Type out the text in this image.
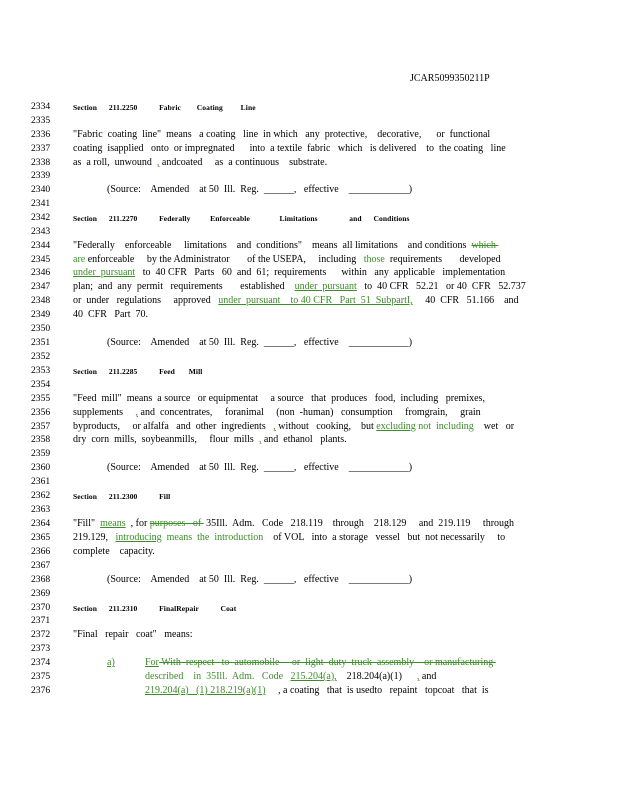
JCAR5099350211P
2334
2335
2336
2337
2338
2339
2340
2341
2342
2343
2344
2345
2346
2347
2348
2349
2350
2351
2352
2353
2354
2355
2356
2357
2358
2359
2360
2361
2362
2363
2364
2365
2366
2367
2368
2369
2370
2371
2372
2373
2374
2375
2376
Section      211.2250           Fabric        Coating         Line
"Fabric  coating  line"  means   a coating   line  in which   any  protective,    decorative,      or  functional
coating  isapplied   onto  or impregnated      into  a textile  fabric   which   is delivered    to  the coating   line
as  a roll,  unwound  , andcoated     as  a continuous    substrate.
(Source:    Amended    at 50  Ill.  Reg.  ______,   effective    ____________)
Section      211.2270           Federally          Enforceable               Limitations                and      Conditions
"Federally    enforceable     limitations    and  conditions"    means  all limitations    and conditions  which
are enforceable     by the Administrator       of the USEPA,     including   those  requirements       developed
under  pursuant   to  40 CFR   Parts   60  and  61;  requirements      within   any  applicable   implementation
plan;  and  any  permit   requirements       established    under  pursuant   to  40 CFR   52.21   or 40  CFR   52.737
or  under   regulations     approved   under  pursuant    to 40 CFR   Part  51  SubpartI,     40  CFR   51.166    and
40  CFR   Part  70.
(Source:    Amended    at 50  Ill.  Reg.  ______,   effective    ____________)
Section      211.2285           Feed       Mill
"Feed  mill"  means  a source   or equipmentat     a source   that  produces   food,  including   premixes,
supplements     , and  concentrates,     foranimal     (non  -human)   consumption     fromgrain,     grain
byproducts,     or alfalfa   and  other  ingredients   , without   cooking,    but excluding not  including    wet   or
dry  corn  mills,  soybeanmills,     flour  mills  , and  ethanol   plants.
(Source:    Amended    at 50  Ill.  Reg.  ______,   effective    ____________)
Section      211.2300           Fill
"Fill"  means  , for purposes   of  35Ill.  Adm.   Code   218.119    through    218.129     and  219.119     through
219.129,   introducing  means  the  introduction    of VOL   into  a storage   vessel   but  not necessarily     to
complete    capacity.
(Source:    Amended    at 50  Ill.  Reg.  ______,   effective    ____________)
Section      211.2310           FinalRepair           Coat
"Final   repair   coat"   means:
a)	For With  respect   to  automobile     or  light  duty  truck  assembly    or manufacturing
described    in  35Ill.  Adm.   Code   215.204(a),    218.204(a)(1)      , and
219.204(a)   (1) 218.219(a)(1)     , a coating   that  is usedto   repaint   topcoat   that  is
